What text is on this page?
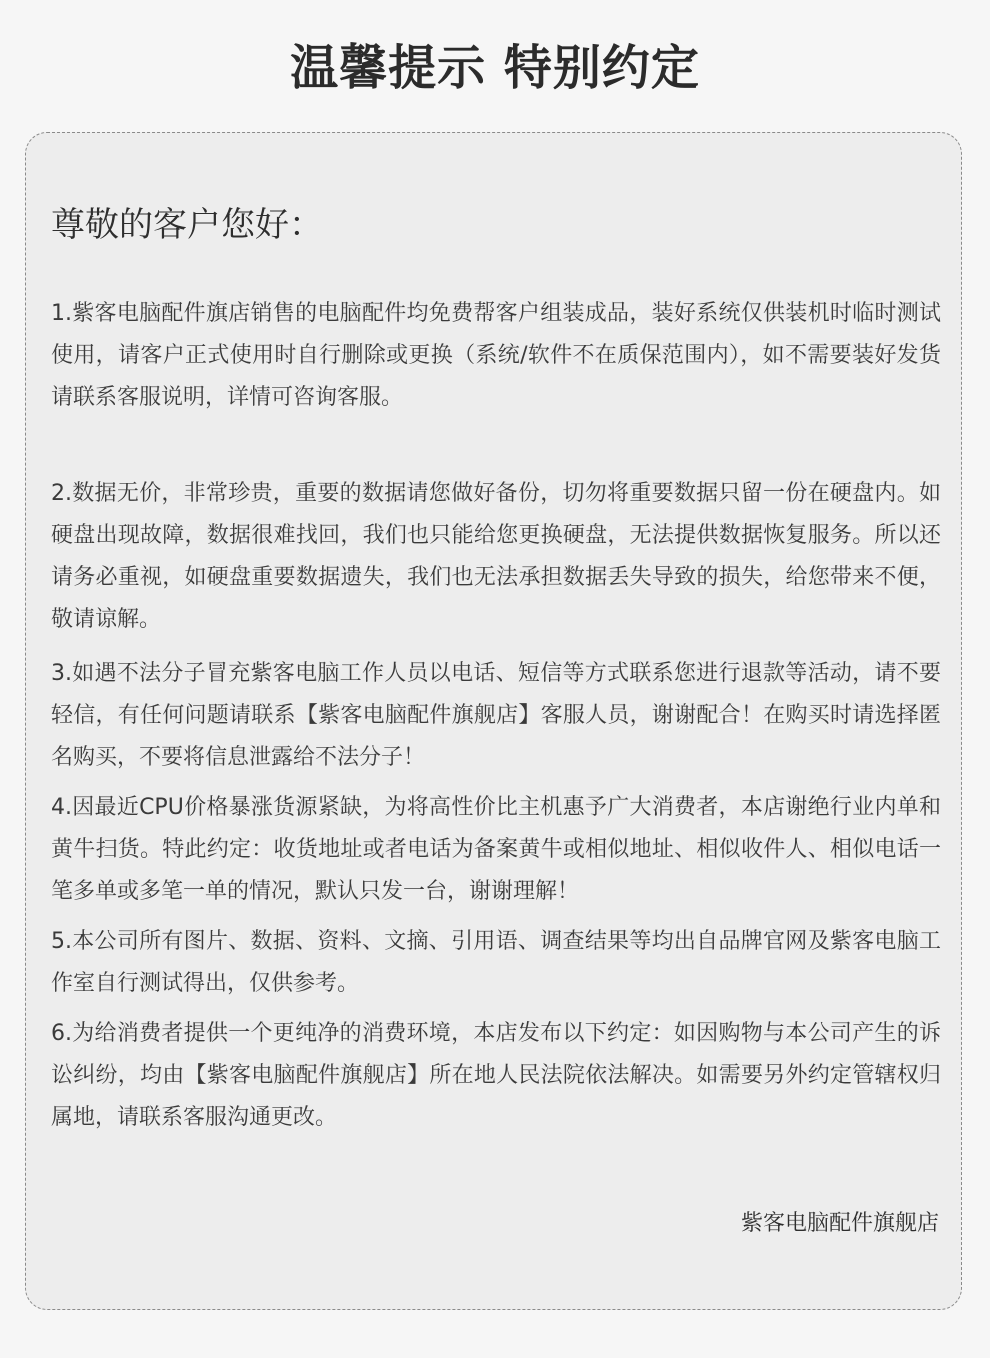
温馨提示 特别约定
尊敬的客户您好：

1.紫客电脑配件旗店销售的电脑配件均免费帮客户组装成品，装好系统仅供装机时临时测试使用，请客户正式使用时自行删除或更换（系统/软件不在质保范围内），如不需要装好发货请联系客服说明，详情可咨询客服。

2.数据无价，非常珍贵，重要的数据请您做好备份，切勿将重要数据只留一份在硬盘内。如硬盘出现故障，数据很难找回，我们也只能给您更换硬盘，无法提供数据恢复服务。所以还请务必重视，如硬盘重要数据遗失，我们也无法承担数据丢失导致的损失，给您带来不便，敬请谅解。

3.如遇不法分子冒充紫客电脑工作人员以电话、短信等方式联系您进行退款等活动，请不要轻信，有任何问题请联系【紫客电脑配件旗舰店】客服人员，谢谢配合！在购买时请选择匿名购买，不要将信息泄露给不法分子！

4.因最近CPU价格暴涨货源紧缺，为将高性价比主机惠予广大消费者，本店谢绝行业内单和黄牛扫货。特此约定：收货地址或者电话为备案黄牛或相似地址、相似收件人、相似电话一笔多单或多笔一单的情况，默认只发一台，谢谢理解！

5.本公司所有图片、数据、资料、文摘、引用语、调查结果等均出自品牌官网及紫客电脑工作室自行测试得出，仅供参考。

6.为给消费者提供一个更纯净的消费环境，本店发布以下约定：如因购物与本公司产生的诉讼纠纷，均由【紫客电脑配件旗舰店】所在地人民法院依法解决。如需要另外约定管辖权归属地，请联系客服沟通更改。

紫客电脑配件旗舰店
